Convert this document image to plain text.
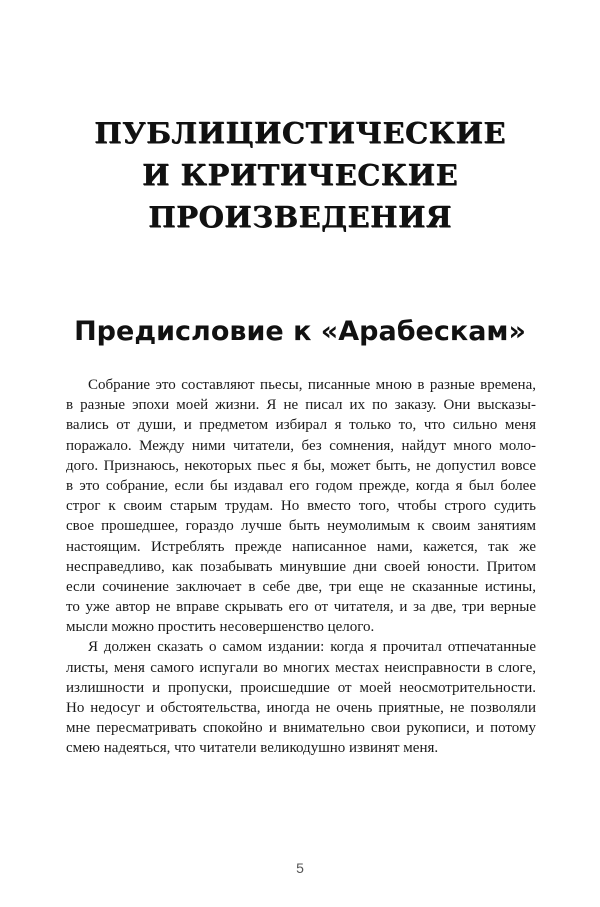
ПУБЛИЦИСТИЧЕСКИЕ
И КРИТИЧЕСКИЕ
ПРОИЗВЕДЕНИЯ
Предисловие к «Арабескам»
Собрание это составляют пьесы, писанные мною в разные времена,
в разные эпохи моей жизни. Я не писал их по заказу. Они высказы-
вались от души, и предметом избирал я только то, что сильно меня
поражало. Между ними читатели, без сомнения, найдут много моло-
дого. Признаюсь, некоторых пьес я бы, может быть, не допустил вовсе
в это собрание, если бы издавал его годом прежде, когда я был более
строг к своим старым трудам. Но вместо того, чтобы строго судить
свое прошедшее, гораздо лучше быть неумолимым к своим занятиям
настоящим. Истреблять прежде написанное нами, кажется, так же
несправедливо, как позабывать минувшие дни своей юности. Притом
если сочинение заключает в себе две, три еще не сказанные истины,
то уже автор не вправе скрывать его от читателя, и за две, три верные
мысли можно простить несовершенство целого.
Я должен сказать о самом издании: когда я прочитал отпечатанные
листы, меня самого испугали во многих местах неисправности в слоге,
излишности и пропуски, происшедшие от моей неосмотрительности.
Но недосуг и обстоятельства, иногда не очень приятные, не позволяли
мне пересматривать спокойно и внимательно свои рукописи, и потому
смею надеяться, что читатели великодушно извинят меня.
5
